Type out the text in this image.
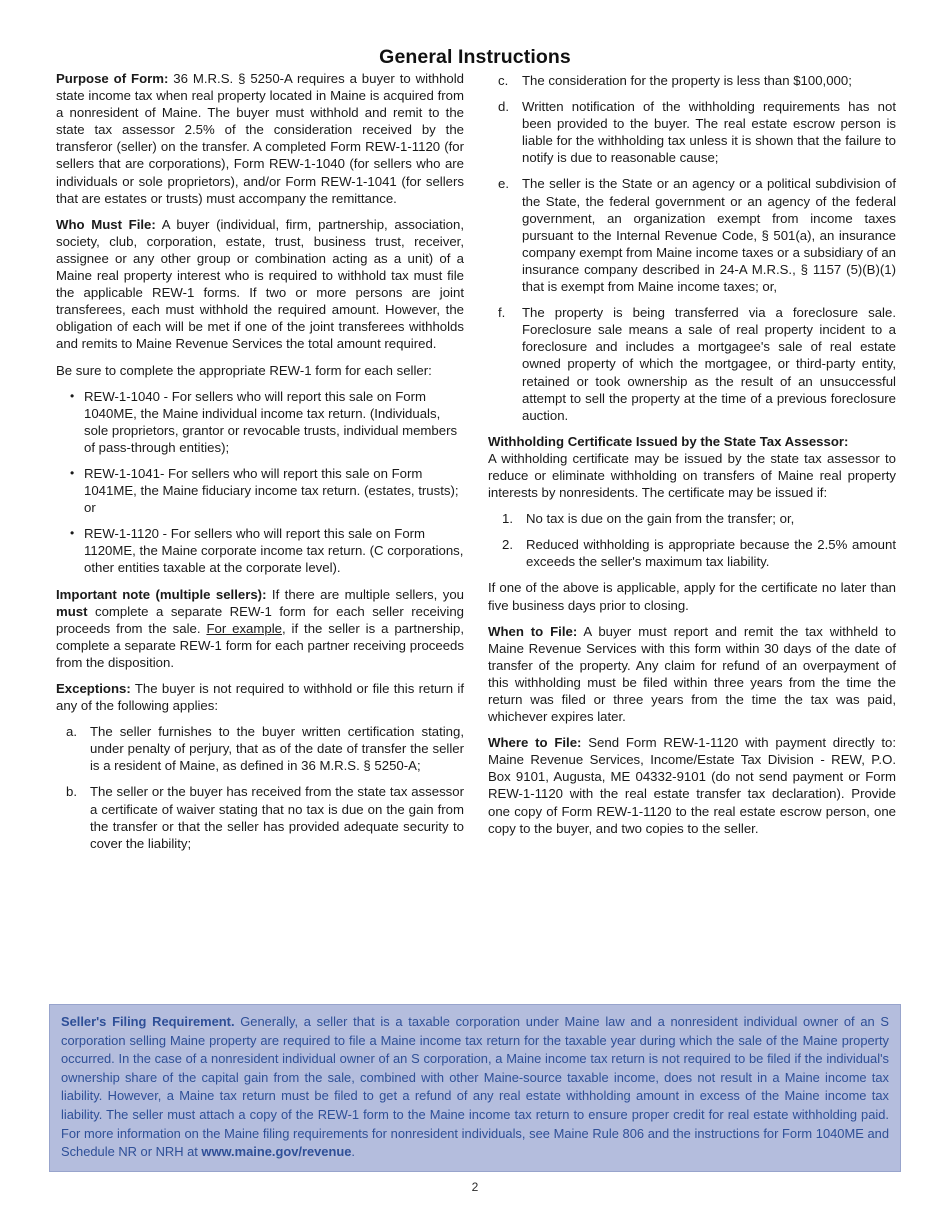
General Instructions

Purpose of Form: 36 M.R.S. § 5250-A requires a buyer to withhold state income tax when real property located in Maine is acquired from a nonresident of Maine. The buyer must withhold and remit to the state tax assessor 2.5% of the consideration received by the transferor (seller) on the transfer. A completed Form REW-1-1120 (for sellers that are corporations), Form REW-1-1040 (for sellers who are individuals or sole proprietors), and/or Form REW-1-1041 (for sellers that are estates or trusts) must accompany the remittance.

Who Must File: A buyer (individual, firm, partnership, association, society, club, corporation, estate, trust, business trust, receiver, assignee or any other group or combination acting as a unit) of a Maine real property interest who is required to withhold tax must file the applicable REW-1 forms. If two or more persons are joint transferees, each must withhold the required amount. However, the obligation of each will be met if one of the joint transferees withholds and remits to Maine Revenue Services the total amount required.

Be sure to complete the appropriate REW-1 form for each seller:

• REW-1-1040 - For sellers who will report this sale on Form 1040ME, the Maine individual income tax return. (Individuals, sole proprietors, grantor or revocable trusts, individual members of pass-through entities);
• REW-1-1041- For sellers who will report this sale on Form 1041ME, the Maine fiduciary income tax return. (estates, trusts); or
• REW-1-1120 - For sellers who will report this sale on Form 1120ME, the Maine corporate income tax return. (C corporations, other entities taxable at the corporate level).

Important note (multiple sellers): If there are multiple sellers, you must complete a separate REW-1 form for each seller receiving proceeds from the sale. For example, if the seller is a partnership, complete a separate REW-1 form for each partner receiving proceeds from the disposition.

Exceptions: The buyer is not required to withhold or file this return if any of the following applies:

a. The seller furnishes to the buyer written certification stating, under penalty of perjury, that as of the date of transfer the seller is a resident of Maine, as defined in 36 M.R.S. § 5250-A;
b. The seller or the buyer has received from the state tax assessor a certificate of waiver stating that no tax is due on the gain from the transfer or that the seller has provided adequate security to cover the liability;
c.	The consideration for the property is less than $100,000;
d. Written notification of the withholding requirements has not been provided to the buyer. The real estate escrow person is liable for the withholding tax unless it is shown that the failure to notify is due to reasonable cause;
e. The seller is the State or an agency or a political subdivision of the State, the federal government or an agency of the federal government, an organization exempt from income taxes pursuant to the Internal Revenue Code, § 501(a), an insurance company exempt from Maine income taxes or a subsidiary of an insurance company described in 24-A M.R.S., § 1157 (5)(B)(1) that is exempt from Maine income taxes; or,
f.	The property is being transferred via a foreclosure sale. Foreclosure sale means a sale of real property incident to a foreclosure and includes a mortgagee's sale of real estate owned property of which the mortgagee, or third-party entity, retained or took ownership as the result of an unsuccessful attempt to sell the property at the time of a previous foreclosure auction.

Withholding Certificate Issued by the State Tax Assessor:

A withholding certificate may be issued by the state tax assessor to reduce or eliminate withholding on transfers of Maine real property interests by nonresidents. The certificate may be issued if:

1. No tax is due on the gain from the transfer; or,
2. Reduced withholding is appropriate because the 2.5% amount exceeds the seller's maximum tax liability.

If one of the above is applicable, apply for the certificate no later than five business days prior to closing.

When to File: A buyer must report and remit the tax withheld to Maine Revenue Services with this form within 30 days of the date of transfer of the property. Any claim for refund of an overpayment of this withholding must be filed within three years from the time the return was filed or three years from the time the tax was paid, whichever expires later.

Where to File: Send Form REW-1-1120 with payment directly to: Maine Revenue Services, Income/Estate Tax Division - REW, P.O. Box 9101, Augusta, ME 04332-9101 (do not send payment or Form REW-1-1120 with the real estate transfer tax declaration). Provide one copy of Form REW-1-1120 to the real estate escrow person, one copy to the buyer, and two copies to the seller.

Seller's Filing Requirement. Generally, a seller that is a taxable corporation under Maine law and a nonresident individual owner of an S corporation selling Maine property are required to file a Maine income tax return for the taxable year during which the sale of the Maine property occurred. In the case of a nonresident individual owner of an S corporation, a Maine income tax return is not required to be filed if the individual's ownership share of the capital gain from the sale, combined with other Maine-source taxable income, does not result in a Maine income tax liability. However, a Maine tax return must be filed to get a refund of any real estate withholding amount in excess of the Maine income tax liability. The seller must attach a copy of the REW-1 form to the Maine income tax return to ensure proper credit for real estate withholding paid. For more information on the Maine filing requirements for nonresident individuals, see Maine Rule 806 and the instructions for Form 1040ME and Schedule NR or NRH at www.maine.gov/revenue.

2
